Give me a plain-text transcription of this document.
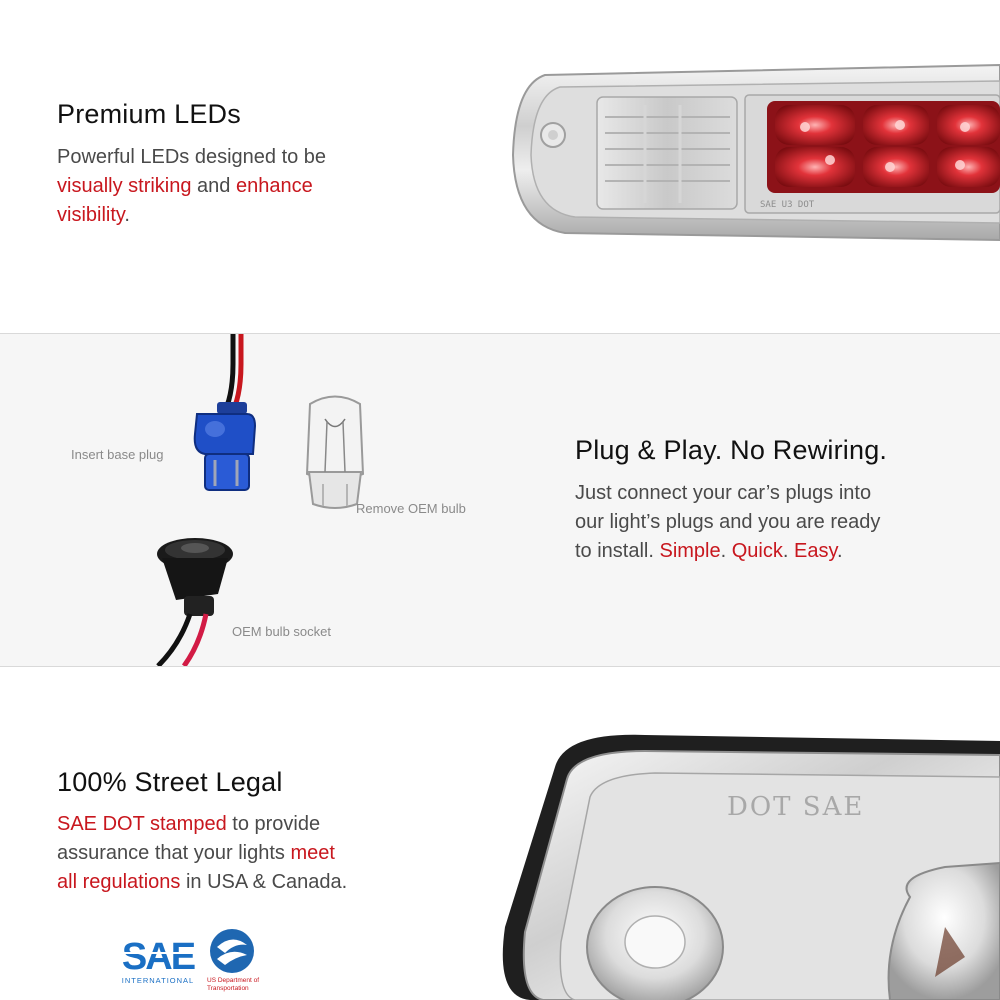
Premium LEDs

Powerful LEDs designed to be
visually striking and enhance
visibility.	SAE U3 DOT
Insert base plug
Remove OEM bulb
OEM bulb socket
Plug & Play. No Rewiring.

Just connect your car’s plugs into
our light’s plugs and you are ready
to install. Simple. Quick. Easy.

100% Street Legal

SAE DOT stamped to provide
assurance that your lights meet
all regulations in USA & Canada.

SAE
INTERNATIONAL US Department of
Transportation
DOT SAE
